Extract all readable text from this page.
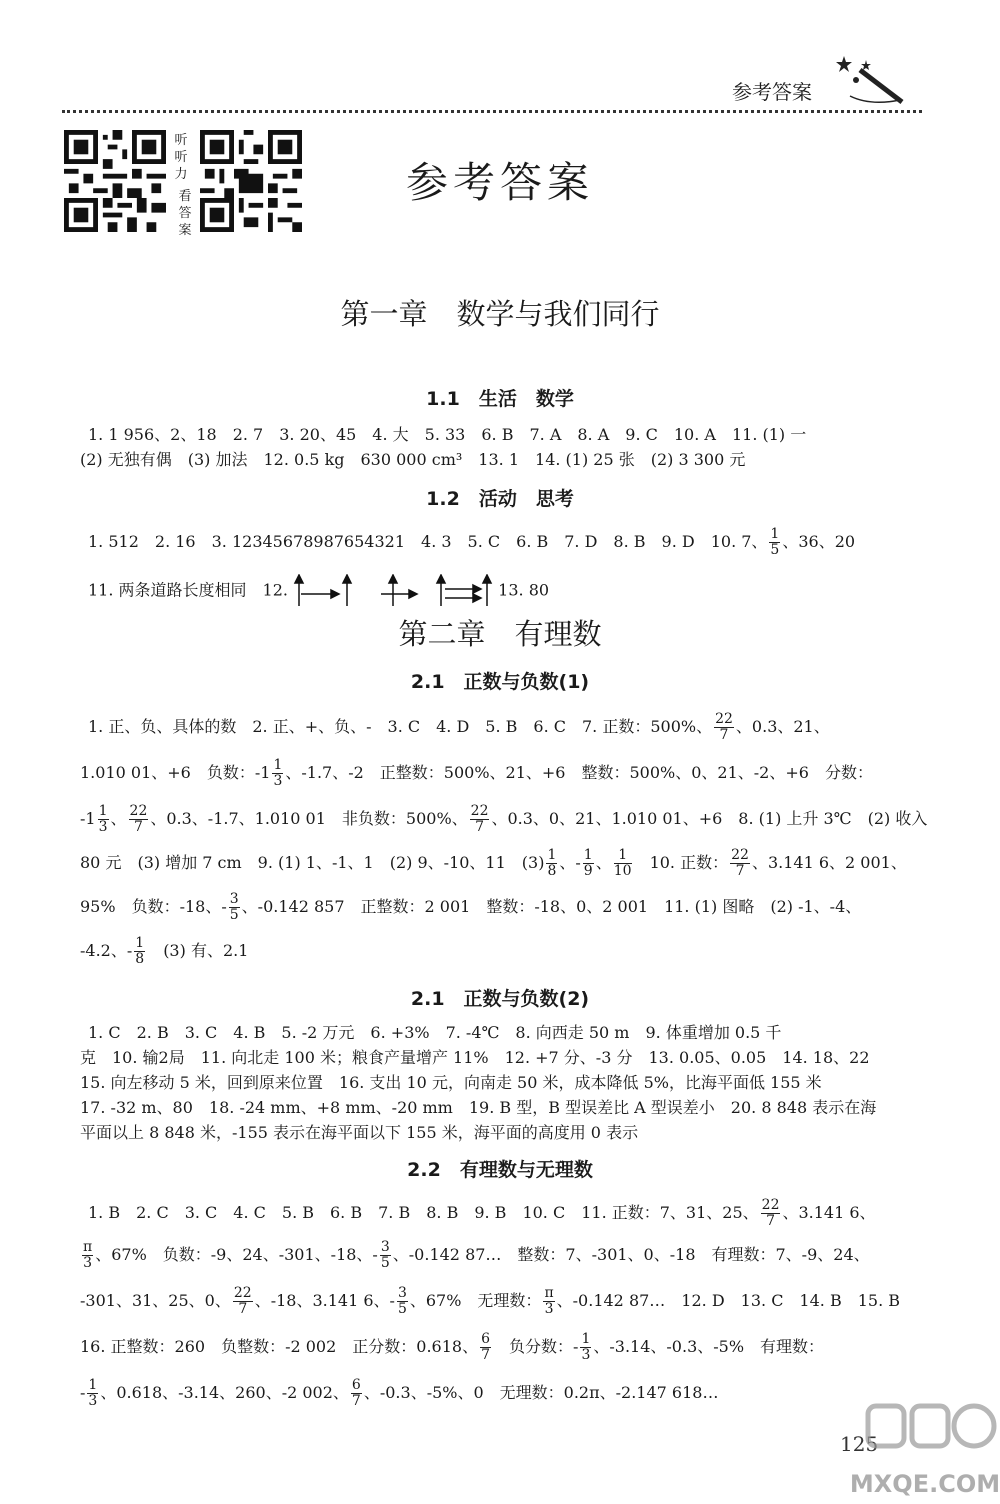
参考答案
听听力
看答案
参考答案
第一章　数学与我们同行
1.1　生活　数学
1. 1 956、2、18　2. 7　3. 20、45　4. 大　5. 33　6. B　7. A　8. A　9. C　10. A　11. (1) 一
(2) 无独有偶　(3) 加法　12. 0.5 kg　630 000 cm³　13. 1　14. (1) 25 张　(2) 3 300 元
1.2　活动　思考
1. 512　2. 16　3. 12345678987654321　4. 3　5. C　6. B　7. D　8. B　9. D　10. 7、 $\frac{1}{5}$ 、36、20
11. 两条道路长度相同　12.	13. 80
第二章　有理数
2.1　正数与负数(1)
1. 正、负、具体的数　2. 正、+、负、-　3. C　4. D　5. B　6. C　7. 正数：500%、 $\frac{22}{7}$ 、0.3、21、
1.010 01、+6　负数：$-1 \frac{1}{3}$ 、-1.7、-2　正整数：500%、21、+6　整数：500%、0、21、-2、+6　分数：
$-1 \frac{1}{3}$ 、 $\frac{22}{7}$ 、0.3、-1.7、1.010 01　非负数：500%、 $\frac{22}{7}$ 、0.3、0、21、1.010 01、+6　8. (1) 上升 3℃　(2) 收入
80 元　(3) 增加 7 cm　9. (1) 1、-1、1　(2) 9、-10、11　$(3) \frac{1}{8}$ 、- $\frac{1}{9}$ 、 $\frac{1}{10}$ 　10. 正数： $\frac{22}{7}$ 、3.141 6、2 001、
95%　负数：-18、- $\frac{3}{5}$ 、-0.142 857　正整数：2 001　整数：-18、0、2 001　11. (1) 图略　(2) -1、-4、
-4.2、- $\frac{1}{8}$ 　(3) 有、2.1
2.1　正数与负数(2)
1. C　2. B　3. C　4. B　5. -2 万元　6. +3%　7. -4℃　8. 向西走 50 m　9. 体重增加 0.5 千
克　10. 输2局　11. 向北走 100 米；粮食产量增产 11%　12. +7 分、-3 分　13. 0.05、0.05　14. 18、22
15. 向左移动 5 米，回到原来位置　16. 支出 10 元，向南走 50 米，成本降低 5%，比海平面低 155 米
17. -32 m、80　18. -24 mm、+8 mm、-20 mm　19. B 型，B 型误差比 A 型误差小　20. 8 848 表示在海
平面以上 8 848 米，-155 表示在海平面以下 155 米，海平面的高度用 0 表示
2.2　有理数与无理数
1. B　2. C　3. C　4. C　5. B　6. B　7. B　8. B　9. B　10. C　11. 正数：7、31、25、 $\frac{22}{7}$ 、3.141 6、
$\frac{\pi}{3}$ 、67%　负数：-9、24、-301、-18、- $\frac{3}{5}$ 、-0.142 87…　整数：7、-301、0、-18　有理数：7、-9、24、
-301、31、25、0、 $\frac{22}{7}$ 、-18、3.141 6、- $\frac{3}{5}$ 、67%　无理数： $\frac{\pi}{3}$ 、-0.142 87…　12. D　13. C　14. B　15. B
16. 正整数：260　负整数：-2 002　正分数：0.618、 $\frac{6}{7}$ 　负分数：- $\frac{1}{3}$ 、-3.14、-0.3、-5%　有理数：
- $\frac{1}{3}$ 、0.618、-3.14、260、-2 002、 $\frac{6}{7}$ 、-0.3、-5%、0　无理数：0.2π、-2.147 618…
125
MXQE.COM
